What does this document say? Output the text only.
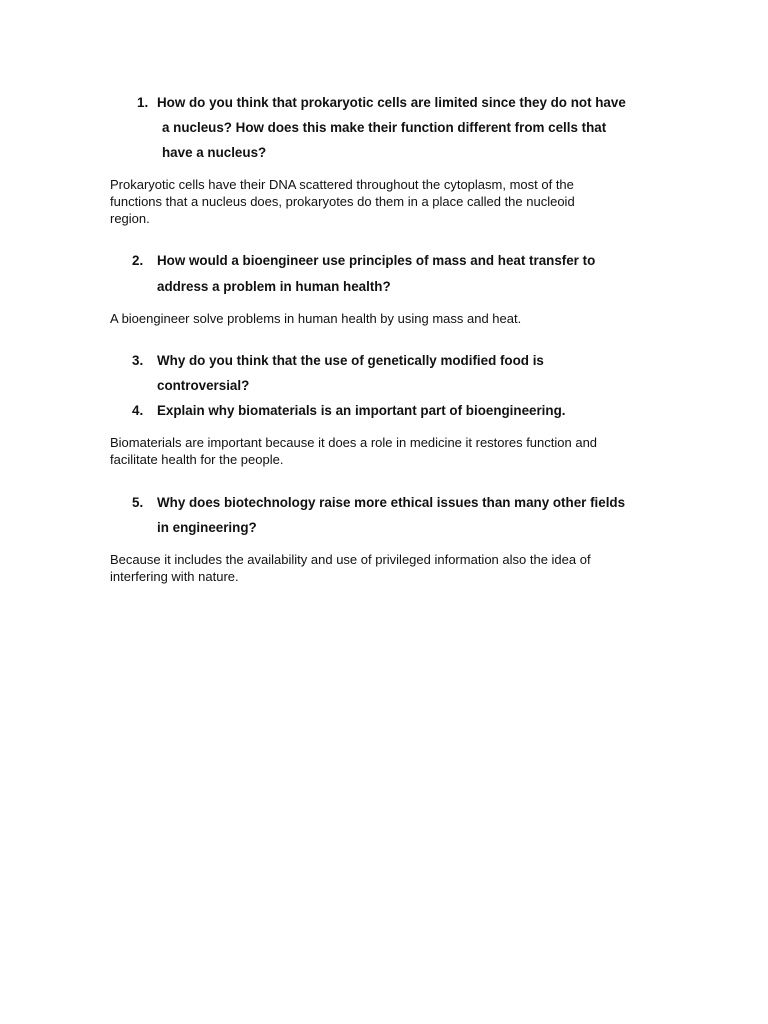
1. How do you think that prokaryotic cells are limited since they do not have
a nucleus? How does this make their function different from cells that
have a nucleus?
Prokaryotic cells have their DNA scattered throughout the cytoplasm, most of the
functions that a nucleus does, prokaryotes do them in a place called the nucleoid
region.
2. How would a bioengineer use principles of mass and heat transfer to
address a problem in human health?
A bioengineer solve problems in human health by using mass and heat.
3. Why do you think that the use of genetically modified food is
controversial?
4. Explain why biomaterials is an important part of bioengineering.
Biomaterials are important because it does a role in medicine it restores function and
facilitate health for the people.
5. Why does biotechnology raise more ethical issues than many other fields
in engineering?
Because it includes the availability and use of privileged information also the idea of
interfering with nature.
